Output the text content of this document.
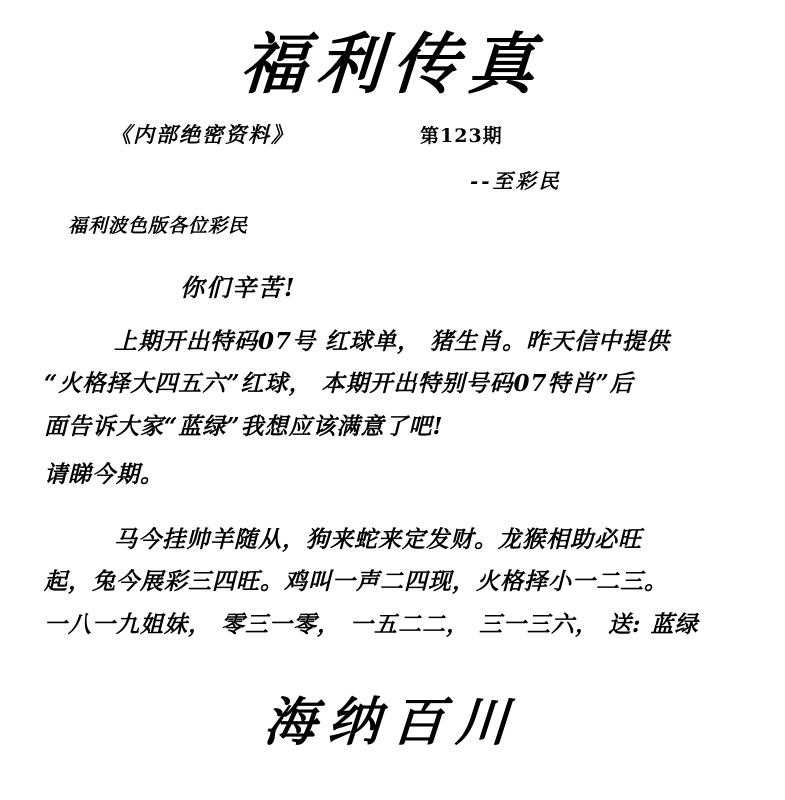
福利传真
《内部绝密资料》	第123期
--至彩民
福利波色版各位彩民
你们辛苦!
上期开出特码07号 红球单， 猪生肖。昨天信中提供
“火格择大四五六”红球， 本期开出特别号码07特肖”后
面告诉大家“蓝绿”我想应该满意了吧!
请睇今期。
马今挂帅羊随从，狗来蛇来定发财。龙猴相助必旺
起，兔今展彩三四旺。鸡叫一声二四现，火格择小一二三。
一八一九姐妹， 零三一零， 一五二二， 三一三六， 送: 蓝绿
海纳百川
